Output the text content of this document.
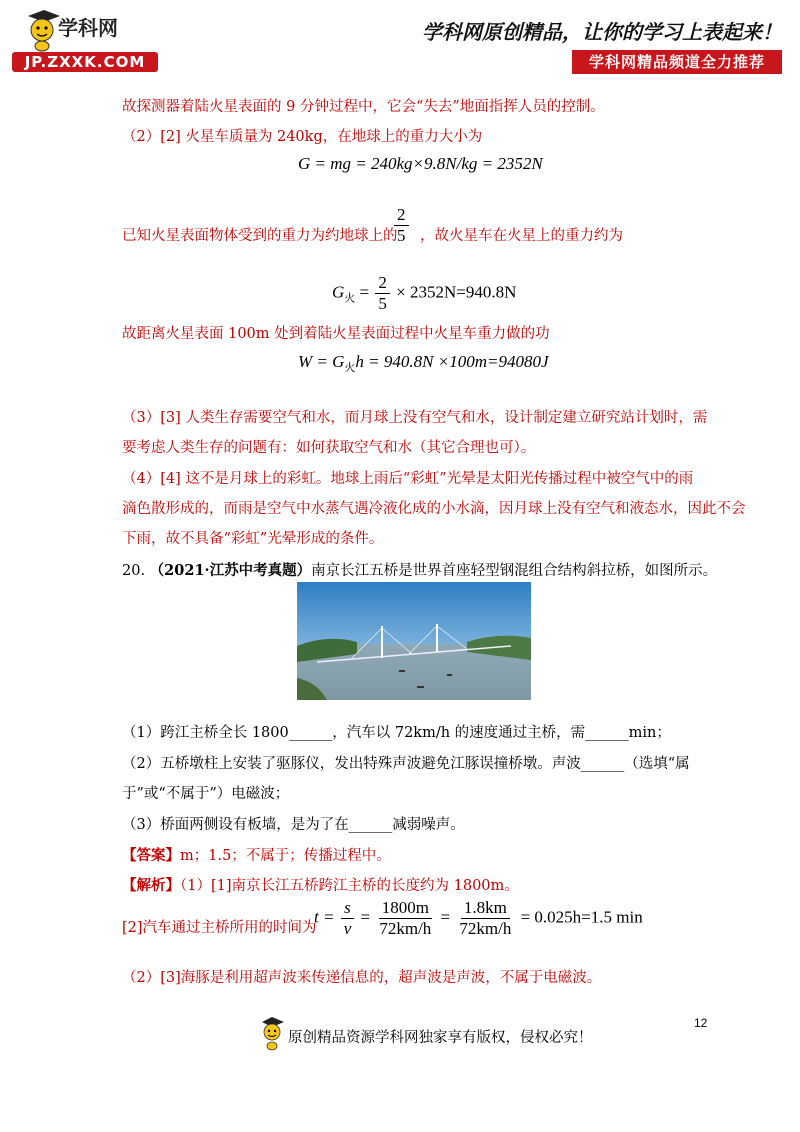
学科网
JP.ZXXK.COM
学科网原创精品，让你的学习上表起来！
学科网精品频道全力推荐
故探测器着陆火星表面的 9 分钟过程中，它会“失去”地面指挥人员的控制。
（2）[2] 火星车质量为 240kg，在地球上的重力大小为
G = mg = 240kg×9.8N/kg = 2352N
已知火星表面物体受到的重力为约地球上的
$\frac{2}{5}$ ，故火星车在火星上的重力约为
$G_火 = \frac{2}{5} \times 2352N=940.8N$
故距离火星表面 100m 处到着陆火星表面过程中火星车重力做的功
$W = G_火h = 940.8N \times 100m=94080J$
（3）[3] 人类生存需要空气和水，而月球上没有空气和水，设计制定建立研究站计划时，需
要考虑人类生存的问题有：如何获取空气和水（其它合理也可）。
（4）[4] 这不是月球上的彩虹。地球上雨后“彩虹”光晕是太阳光传播过程中被空气中的雨
滴色散形成的，而雨是空气中水蒸气遇冷液化成的小水滴，因月球上没有空气和液态水，因此不会
下雨，故不具备“彩虹”光晕形成的条件。
20. （2021·江苏中考真题）南京长江五桥是世界首座轻型钢混组合结构斜拉桥，如图所示。
（1）跨江主桥全长 1800______，汽车以 72km/h 的速度通过主桥，需______min；
（2）五桥墩柱上安装了驱豚仪，发出特殊声波避免江豚误撞桥墩。声波______（选填“属
于”或“不属于”）电磁波；
（3）桥面两侧设有板墙，是为了在______减弱噪声。
【答案】m；1.5；不属于；传播过程中。
【解析】（1）[1]南京长江五桥跨江主桥的长度约为 1800m。
[2]汽车通过主桥所用的时间为
$t = \frac{s}{v} = \frac{1800m}{72km/h} = \frac{1.8km}{72km/h} = 0.025h=1.5$ min
（2）[3]海豚是利用超声波来传递信息的，超声波是声波，不属于电磁波。
12
原创精品资源学科网独家享有版权，侵权必究！
